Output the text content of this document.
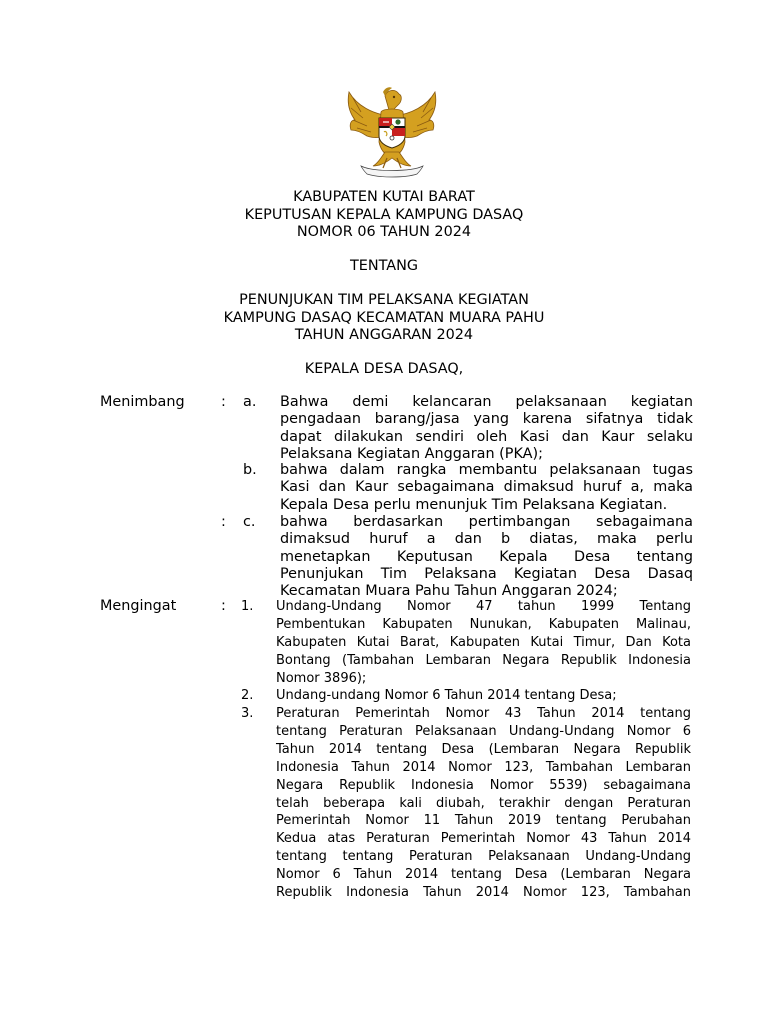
KABUPATEN KUTAI BARAT
KEPUTUSAN KEPALA KAMPUNG DASAQ
NOMOR 06 TAHUN 2024
TENTANG
PENUNJUKAN TIM PELAKSANA KEGIATAN
KAMPUNG DASAQ KECAMATAN MUARA PAHU
TAHUN ANGGARAN 2024
KEPALA DESA DASAQ,
Menimbang	: a. Bahwa demi kelancaran pelaksanaan kegiatan
pengadaan barang/jasa yang karena sifatnya tidak
dapat dilakukan sendiri oleh Kasi dan Kaur selaku
Pelaksana Kegiatan Anggaran (PKA);
b. bahwa dalam rangka membantu pelaksanaan tugas
Kasi dan Kaur sebagaimana dimaksud huruf a, maka
Kepala Desa perlu menunjuk Tim Pelaksana Kegiatan.
: c. bahwa berdasarkan pertimbangan sebagaimana
dimaksud huruf a dan b diatas, maka perlu
menetapkan Keputusan Kepala Desa tentang
Penunjukan Tim Pelaksana Kegiatan Desa Dasaq
Kecamatan Muara Pahu Tahun Anggaran 2024;
Mengingat	: 1. Undang-Undang Nomor 47 tahun 1999 Tentang
Pembentukan Kabupaten Nunukan, Kabupaten Malinau,
Kabupaten Kutai Barat, Kabupaten Kutai Timur, Dan Kota
Bontang (Tambahan Lembaran Negara Republik Indonesia
Nomor 3896);
2. Undang-undang Nomor 6 Tahun 2014 tentang Desa;
3. Peraturan Pemerintah Nomor 43 Tahun 2014 tentang
tentang Peraturan Pelaksanaan Undang-Undang Nomor 6
Tahun 2014 tentang Desa (Lembaran Negara Republik
Indonesia Tahun 2014 Nomor 123, Tambahan Lembaran
Negara Republik Indonesia Nomor 5539) sebagaimana
telah beberapa kali diubah, terakhir dengan Peraturan
Pemerintah Nomor 11 Tahun 2019 tentang Perubahan
Kedua atas Peraturan Pemerintah Nomor 43 Tahun 2014
tentang tentang Peraturan Pelaksanaan Undang-Undang
Nomor 6 Tahun 2014 tentang Desa (Lembaran Negara
Republik Indonesia Tahun 2014 Nomor 123, Tambahan
